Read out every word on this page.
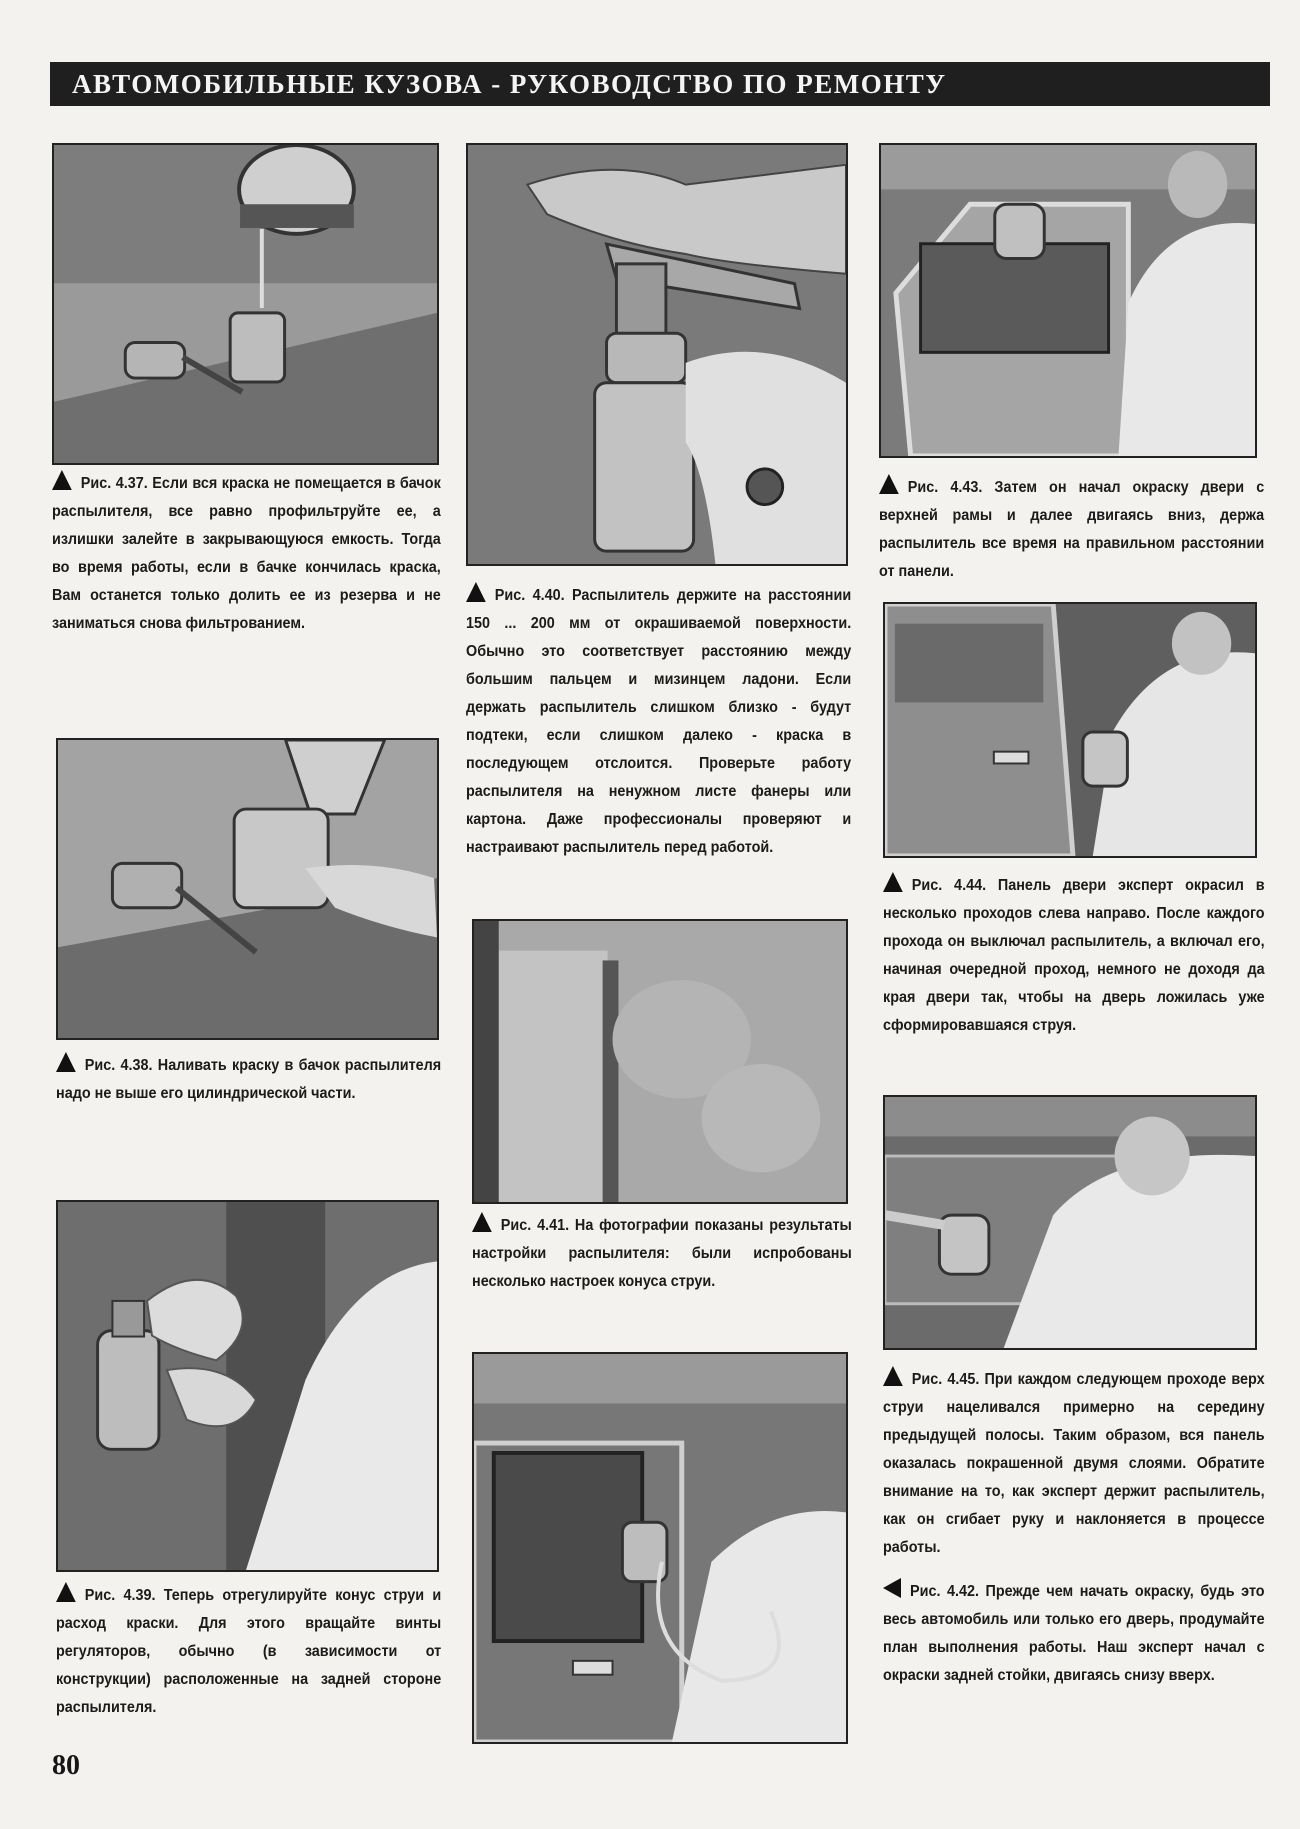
АВТОМОБИЛЬНЫЕ КУЗОВА - РУКОВОДСТВО ПО РЕМОНТУ

Рис. 4.37. Если вся краска не помещается в бачок распылителя, все равно профильтруйте ее, а излишки залейте в закрывающуюся емкость. Тогда во время работы, если в бачке кончилась краска, Вам останется только долить ее из резерва и не заниматься снова фильтрованием.

Рис. 4.38. Наливать краску в бачок распылителя надо не выше его цилиндрической части.

Рис. 4.39. Теперь отрегулируйте конус струи и расход краски. Для этого вращайте винты регуляторов, обычно (в зависимости от конструкции) расположенные на задней стороне распылителя.

Рис. 4.40. Распылитель держите на расстоянии 150 ... 200 мм от окрашиваемой поверхности. Обычно это соответствует расстоянию между большим пальцем и мизинцем ладони. Если держать распылитель слишком близко - будут подтеки, если слишком далеко - краска в последующем отслоится. Проверьте работу распылителя на ненужном листе фанеры или картона. Даже профессионалы проверяют и настраивают распылитель перед работой.

Рис. 4.41. На фотографии показаны результаты настройки распылителя: были испробованы несколько настроек конуса струи.

Рис. 4.43. Затем он начал окраску двери с верхней рамы и далее двигаясь вниз, держа распылитель все время на правильном расстоянии от панели.

Рис. 4.44. Панель двери эксперт окрасил в несколько проходов слева направо. После каждого прохода он выключал распылитель, а включал его, начиная очередной проход, немного не доходя да края двери так, чтобы на дверь ложилась уже сформировавшаяся струя.

Рис. 4.45. При каждом следующем проходе верх струи нацеливался примерно на середину предыдущей полосы. Таким образом, вся панель оказалась покрашенной двумя слоями. Обратите внимание на то, как эксперт держит распылитель, как он сгибает руку и наклоняется в процессе работы.

Рис. 4.42. Прежде чем начать окраску, будь это весь автомобиль или только его дверь, продумайте план выполнения работы. Наш эксперт начал с окраски задней стойки, двигаясь снизу вверх.

80
